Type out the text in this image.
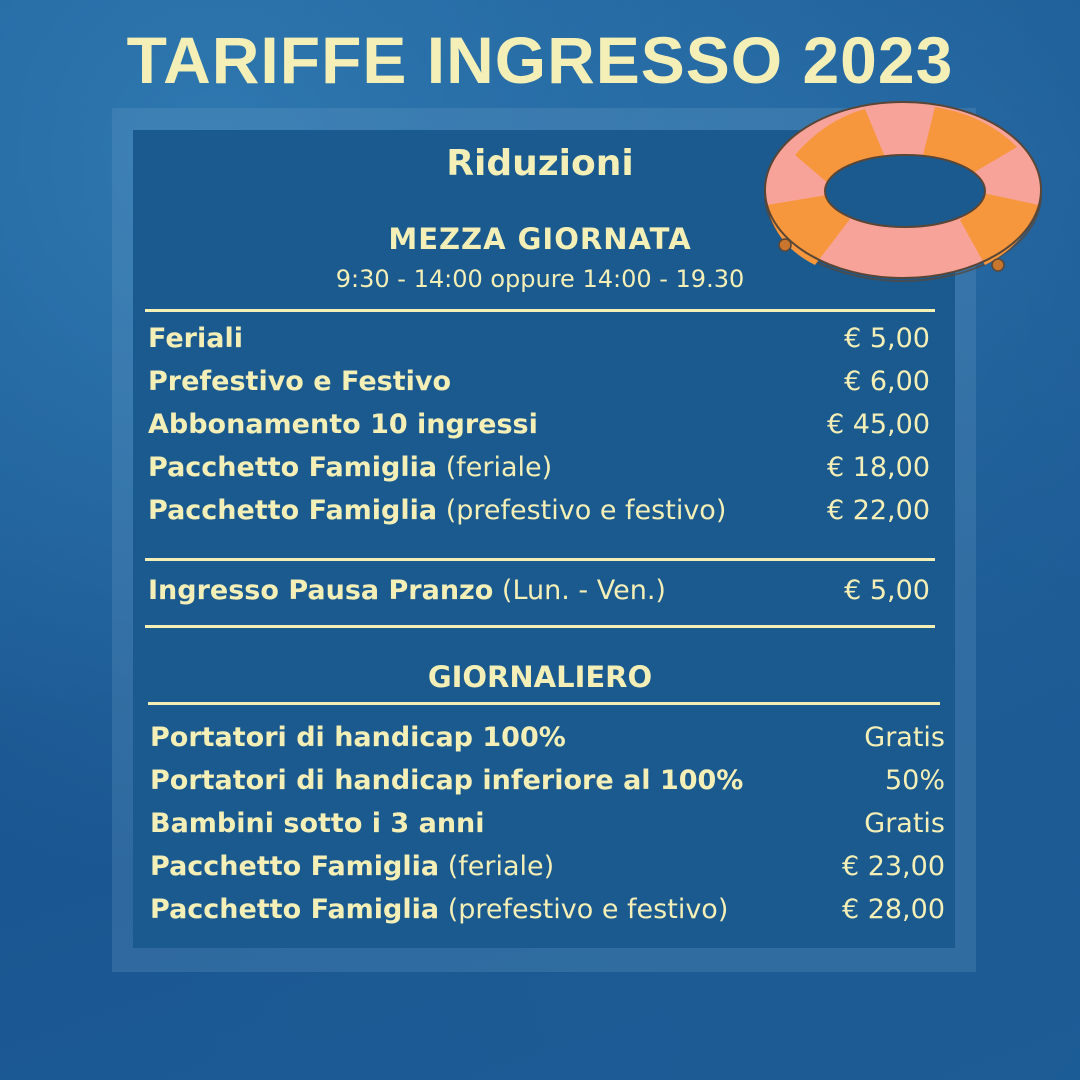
TARIFFE INGRESSO 2023
Riduzioni
MEZZA GIORNATA
9:30 - 14:00 oppure 14:00 - 19.30
Feriali	€ 5,00
Prefestivo e Festivo	€ 6,00
Abbonamento 10 ingressi	€ 45,00
Pacchetto Famiglia (feriale)	€ 18,00
Pacchetto Famiglia (prefestivo e festivo)	€ 22,00
Ingresso Pausa Pranzo (Lun. - Ven.)	€ 5,00
GIORNALIERO
Portatori di handicap 100%	Gratis
Portatori di handicap inferiore al 100%	50%
Bambini sotto i 3 anni	Gratis
Pacchetto Famiglia (feriale)	€ 23,00
Pacchetto Famiglia (prefestivo e festivo)	€ 28,00
